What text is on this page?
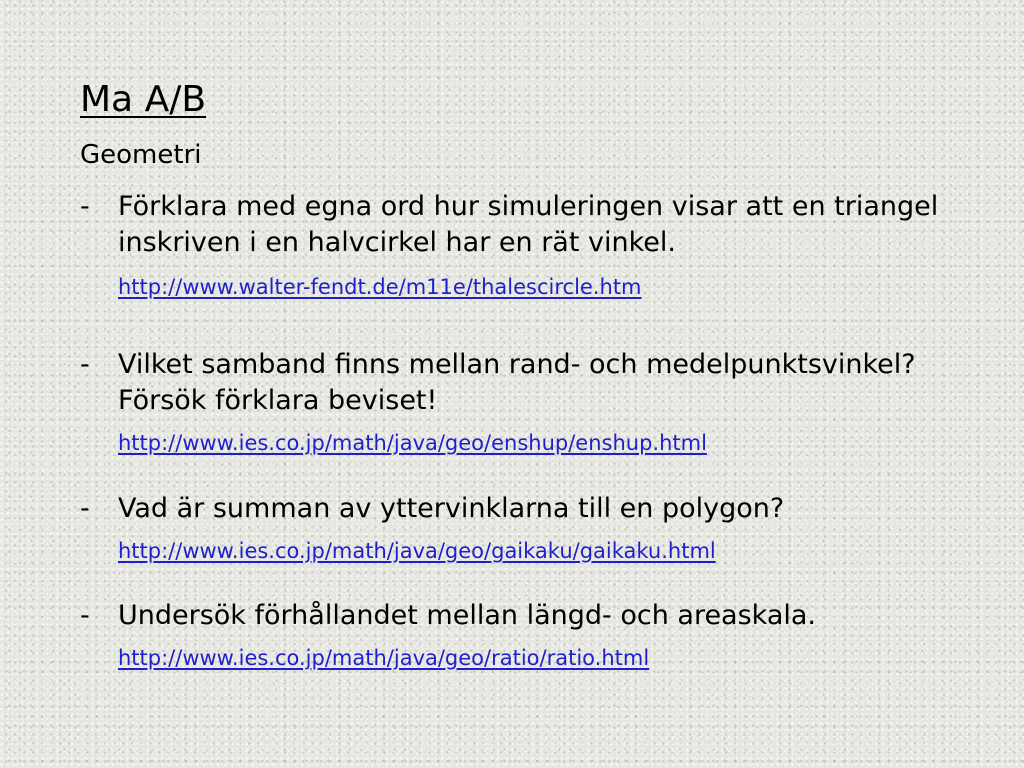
Ma A/B
Geometri
- Förklara med egna ord hur simuleringen visar att en triangel inskriven i en halvcirkel har en rät vinkel.
http://www.walter-fendt.de/m11e/thalescircle.htm
- Vilket samband finns mellan rand- och medelpunktsvinkel? Försök förklara beviset!
http://www.ies.co.jp/math/java/geo/enshup/enshup.html
- Vad är summan av yttervinklarna till en polygon?
http://www.ies.co.jp/math/java/geo/gaikaku/gaikaku.html
- Undersök förhållandet mellan längd- och areaskala.
http://www.ies.co.jp/math/java/geo/ratio/ratio.html
